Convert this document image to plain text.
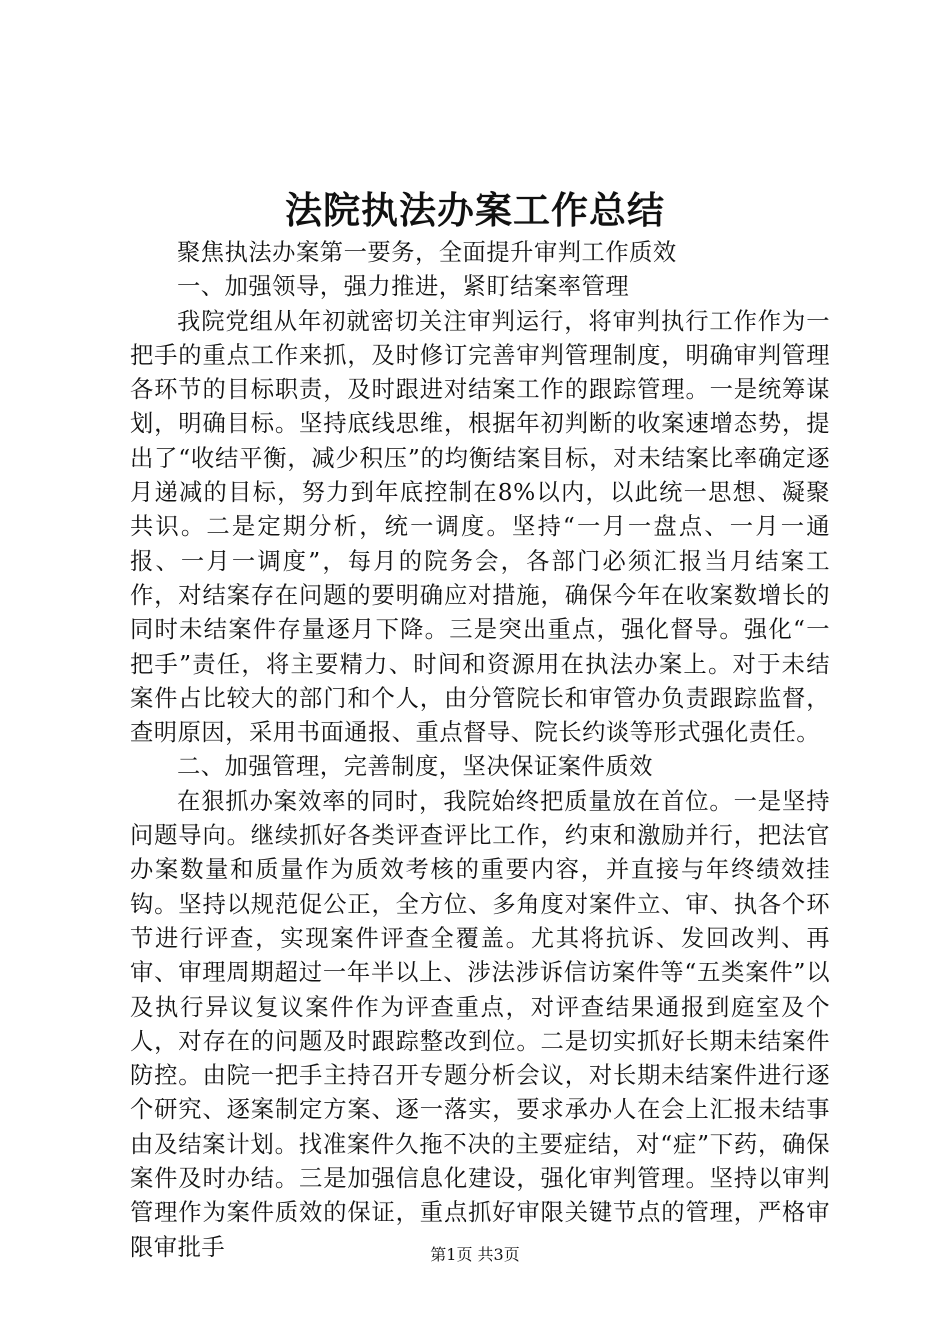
法院执法办案工作总结

聚焦执法办案第一要务，全面提升审判工作质效

一、加强领导，强力推进，紧盯结案率管理

我院党组从年初就密切关注审判运行，将审判执行工作作为一把手的重点工作来抓，及时修订完善审判管理制度，明确审判管理各环节的目标职责，及时跟进对结案工作的跟踪管理。一是统筹谋划，明确目标。坚持底线思维，根据年初判断的收案速增态势，提出了“收结平衡，减少积压”的均衡结案目标，对未结案比率确定逐月递减的目标，努力到年底控制在8%以内，以此统一思想、凝聚共识。二是定期分析，统一调度。坚持“一月一盘点、一月一通报、一月一调度”，每月的院务会，各部门必须汇报当月结案工作，对结案存在问题的要明确应对措施，确保今年在收案数增长的同时未结案件存量逐月下降。三是突出重点，强化督导。强化“一把手”责任，将主要精力、时间和资源用在执法办案上。对于未结案件占比较大的部门和个人，由分管院长和审管办负责跟踪监督，查明原因，采用书面通报、重点督导、院长约谈等形式强化责任。

二、加强管理，完善制度，坚决保证案件质效

在狠抓办案效率的同时，我院始终把质量放在首位。一是坚持问题导向。继续抓好各类评查评比工作，约束和激励并行，把法官办案数量和质量作为质效考核的重要内容，并直接与年终绩效挂钩。坚持以规范促公正，全方位、多角度对案件立、审、执各个环节进行评查，实现案件评查全覆盖。尤其将抗诉、发回改判、再审、审理周期超过一年半以上、涉法涉诉信访案件等“五类案件”以及执行异议复议案件作为评查重点，对评查结果通报到庭室及个人，对存在的问题及时跟踪整改到位。二是切实抓好长期未结案件防控。由院一把手主持召开专题分析会议，对长期未结案件进行逐个研究、逐案制定方案、逐一落实，要求承办人在会上汇报未结事由及结案计划。找准案件久拖不决的主要症结，对“症”下药，确保案件及时办结。三是加强信息化建设，强化审判管理。坚持以审判管理作为案件质效的保证，重点抓好审限关键节点的管理，严格审限审批手	第1页 共3页
